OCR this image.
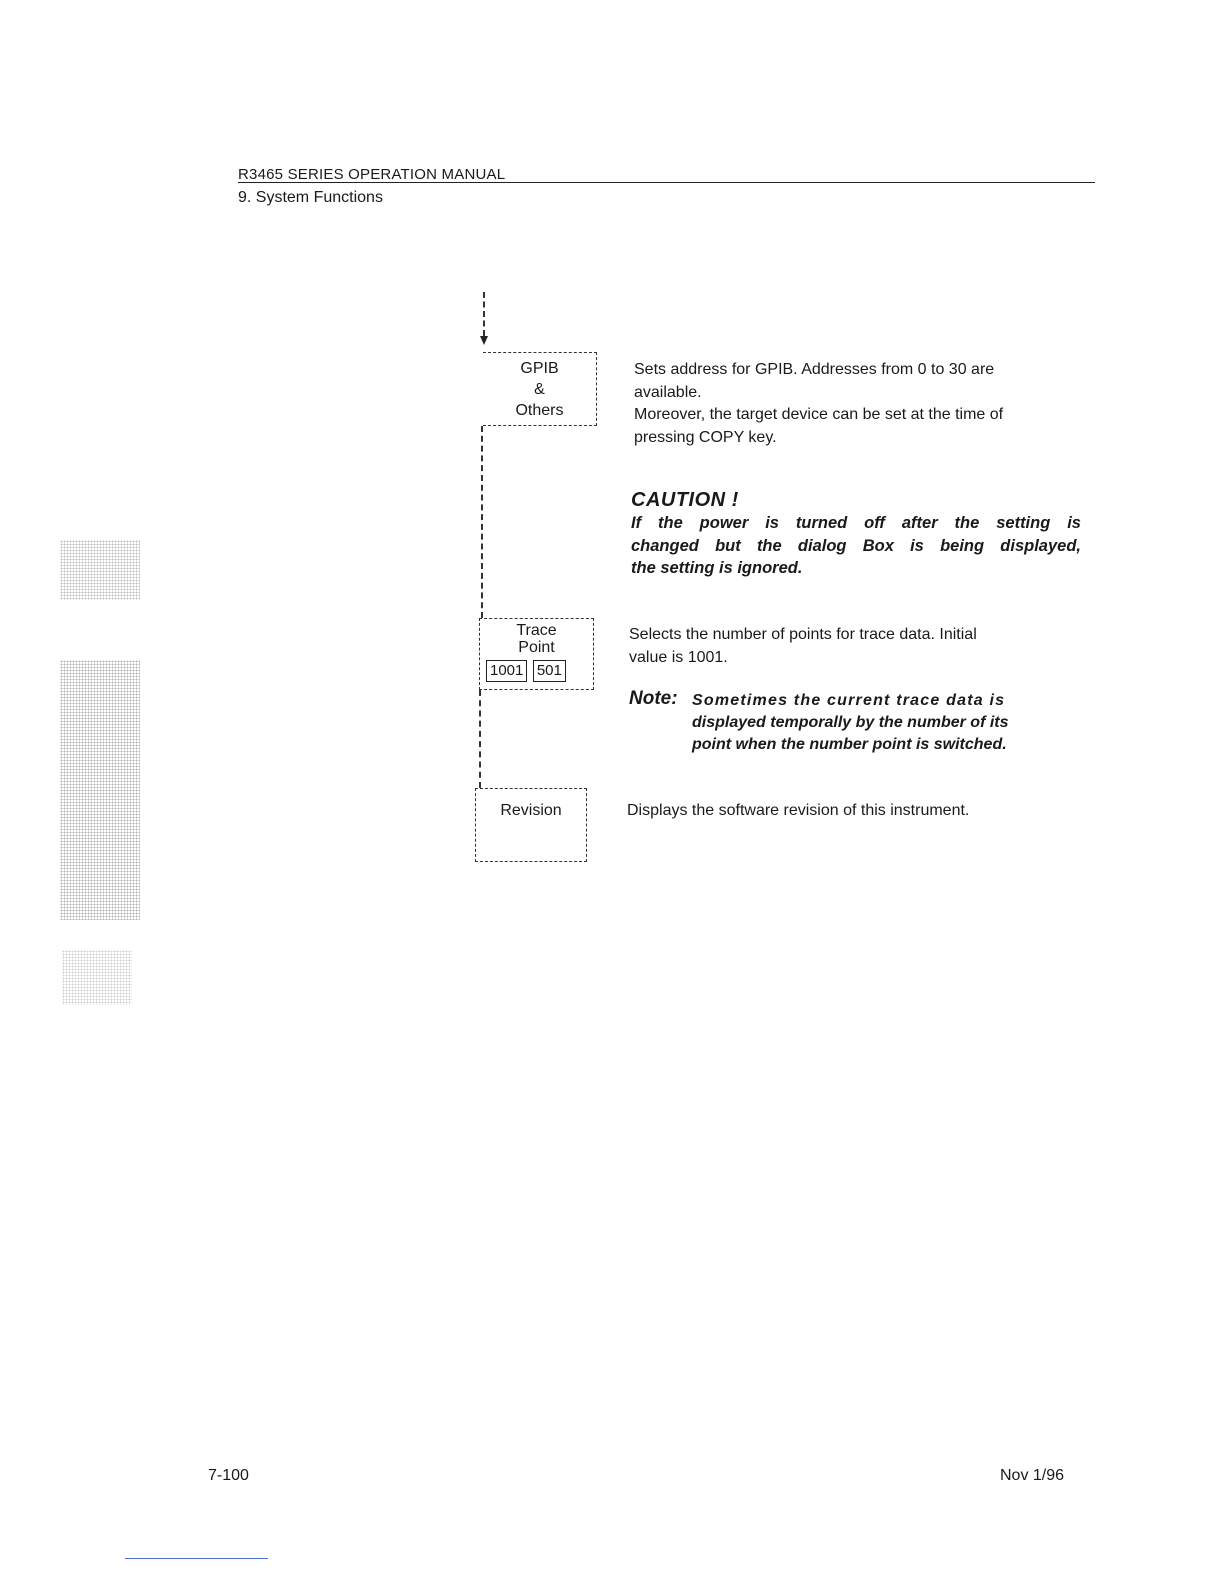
R3465 SERIES OPERATION MANUAL
9. System Functions
GPIB
&
Others
Trace
Point
1001 501
Revision
Sets address for GPIB. Addresses from 0 to 30 are
available.
Moreover, the target device can be set at the time of
pressing COPY key.
CAUTION !
If the power is turned off after the setting is
changed but the dialog Box is being displayed,
the setting is ignored.
Selects the number of points for trace data. Initial
value is 1001.
Note: Sometimes the current trace data is
displayed temporally by the number of its
point when the number point is switched.
Displays the software revision of this instrument.
7-100	Nov 1/96
